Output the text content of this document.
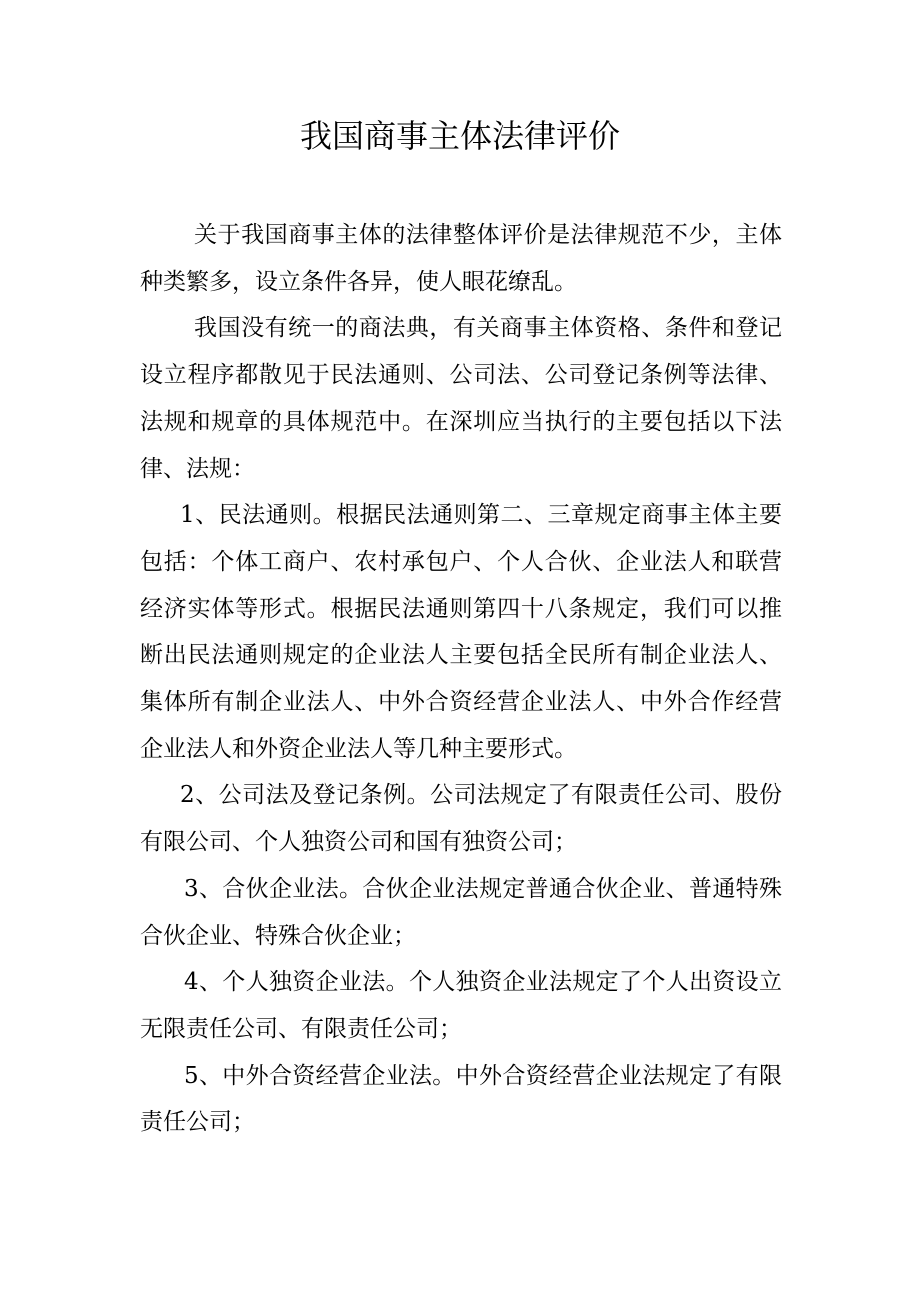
我国商事主体法律评价

关于我国商事主体的法律整体评价是法律规范不少，主体种类繁多，设立条件各异，使人眼花缭乱。

我国没有统一的商法典，有关商事主体资格、条件和登记设立程序都散见于民法通则、公司法、公司登记条例等法律、法规和规章的具体规范中。在深圳应当执行的主要包括以下法律、法规：

1、民法通则。根据民法通则第二、三章规定商事主体主要包括：个体工商户、农村承包户、个人合伙、企业法人和联营经济实体等形式。根据民法通则第四十八条规定，我们可以推断出民法通则规定的企业法人主要包括全民所有制企业法人、集体所有制企业法人、中外合资经营企业法人、中外合作经营企业法人和外资企业法人等几种主要形式。

2、公司法及登记条例。公司法规定了有限责任公司、股份有限公司、个人独资公司和国有独资公司；

3、合伙企业法。合伙企业法规定普通合伙企业、普通特殊合伙企业、特殊合伙企业；

4、个人独资企业法。个人独资企业法规定了个人出资设立无限责任公司、有限责任公司；

5、中外合资经营企业法。中外合资经营企业法规定了有限责任公司；
